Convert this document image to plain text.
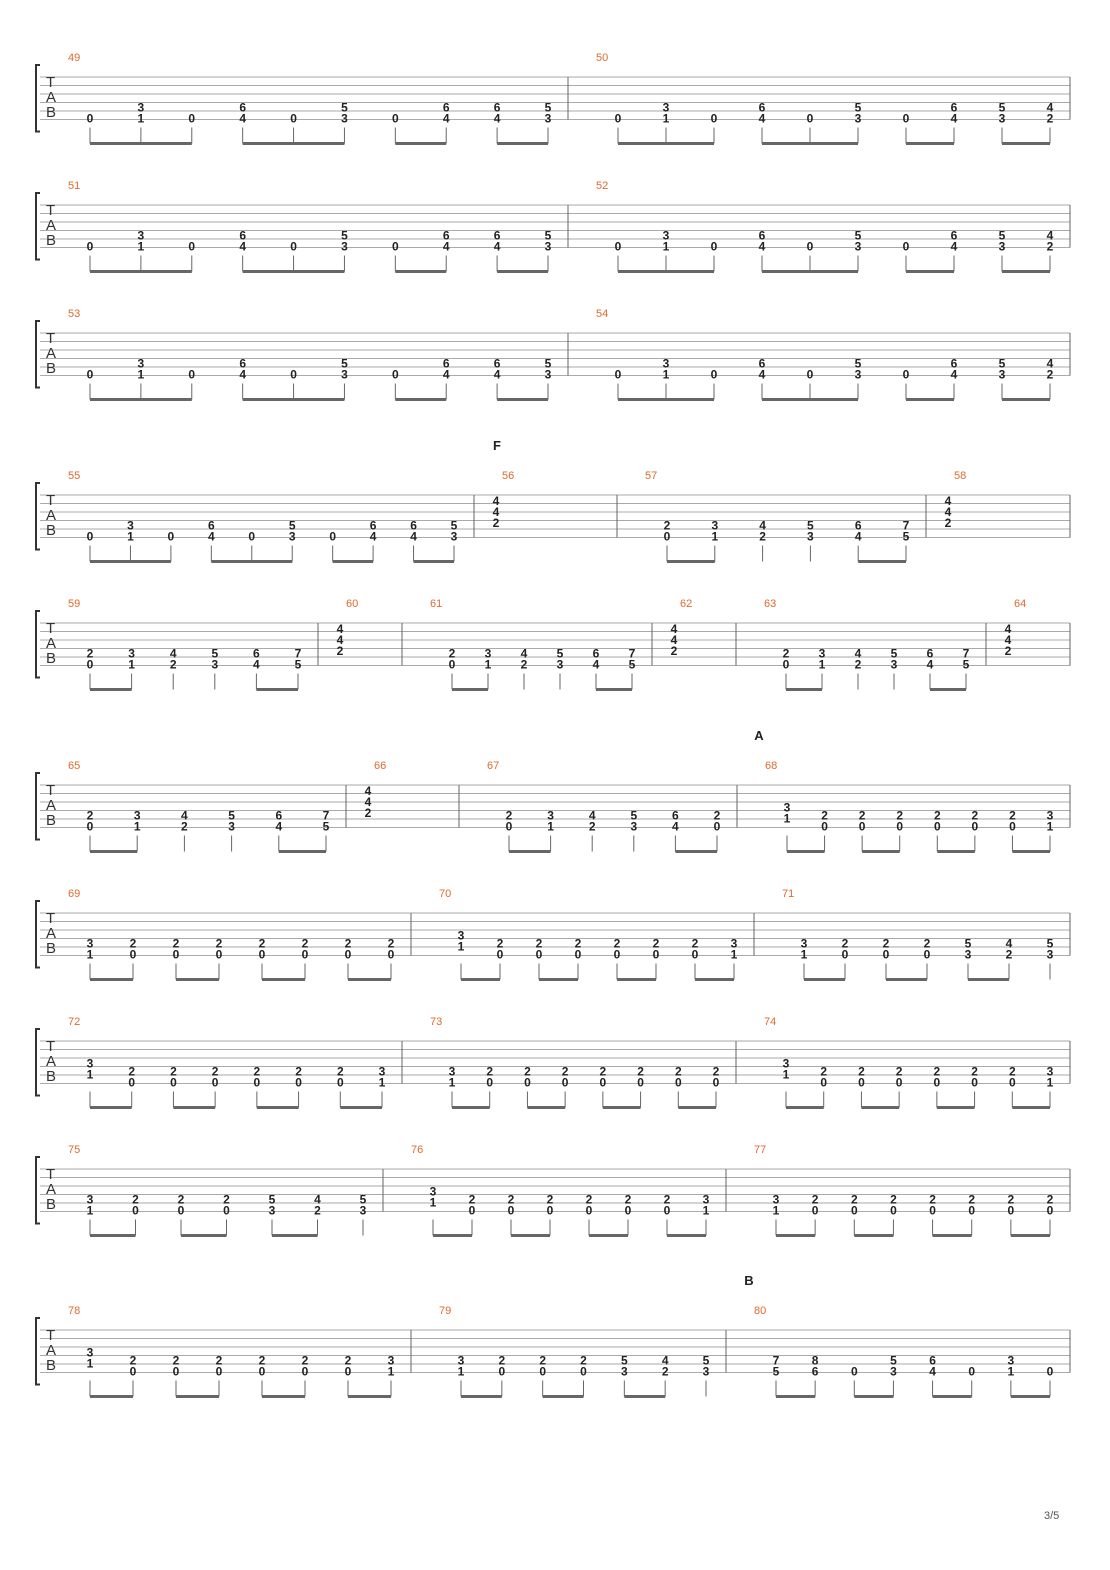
T
A
B
49
0	1
3
0	4
6
0	3
5
0	4
6
4
6
3
5
50
0	1
3
0	4
6
0	3
5
0	4
6
3
5
2
4
T
A
B
51
0	1
3
0	4
6
0	3
5
0	4
6
4
6
3
5
52
0	1
3
0	4
6
0	3
5
0	4
6
3
5
2
4
T
A
B
53
0	1
3
0	4
6
0	3
5
0	4
6
4
6
3
5
54
0	1
3
0	4
6
0	3
5
0	4
6
3
5
2
4
T
A
B
F
55
0	1
3
0	4
6
0	3
5
0	4
6
4
6
3
5
56
2
4
4
57
0
2
1
3
2
4
3
5
4
6
5
7
58
2
4
4
T
A
B
59
0
2
1
3
2
4
3
5
4
6
5
7
60
2
4
4
61
0
2
1
3
2
4
3
5
4
6
5
7
62
2
4
4
63
0
2
1
3
2
4
3
5
4
6
5
7
64
2
4
4
T
A
B
A
65
0
2
1
3
2
4
3
5
4
6
5
7
66
2
4
4
67
0
2
1
3
2
4
3
5
4
6
0
2
68
1
3
0
2
0
2
0
2
0
2
0
2
0
2
1
3
T
A
B
69
1
3
0
2
0
2
0
2
0
2
0
2
0
2
0
2
70
1
3
0
2
0
2
0
2
0
2
0
2
0
2
1
3
71
1
3
0
2
0
2
0
2
3
5
2
4
3
5
T
A
B
72
1
3
0
2
0
2
0
2
0
2
0
2
0
2
1
3
73
1
3
0
2
0
2
0
2
0
2
0
2
0
2
0
2
74
1
3
0
2
0
2
0
2
0
2
0
2
0
2
1
3
T
A
B
75
1
3
0
2
0
2
0
2
3
5
2
4
3
5
76
1
3
0
2
0
2
0
2
0
2
0
2
0
2
1
3
77
1
3
0
2
0
2
0
2
0
2
0
2
0
2
0
2
T
A
B
B
78
1
3
0
2
0
2
0
2
0
2
0
2
0
2
1
3
79
1
3
0
2
0
2
0
2
3
5
2
4
3
5
80
5
7
6
8
0	3
5
4
6
0	1
3
0
3/5
